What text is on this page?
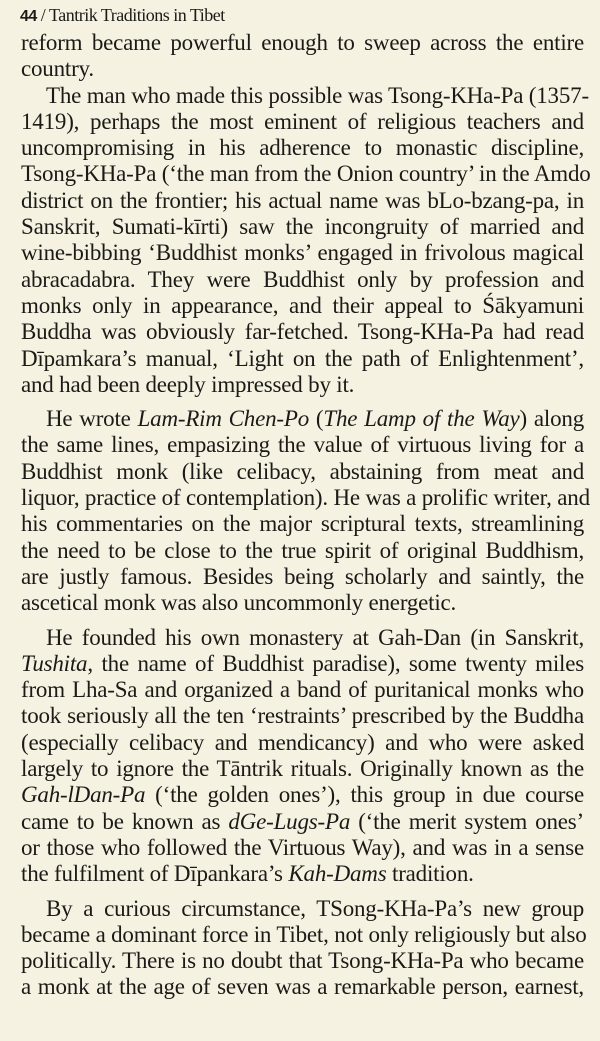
44 / Tantrik Traditions in Tibet
reform became powerful enough to sweep across the entire
country.
The man who made this possible was Tsong-KHa-Pa (1357-
1419), perhaps the most eminent of religious teachers and
uncompromising in his adherence to monastic discipline,
Tsong-KHa-Pa (‘the man from the Onion country’ in the Amdo
district on the frontier; his actual name was bLo-bzang-pa, in
Sanskrit, Sumati-kīrti) saw the incongruity of married and
wine-bibbing ‘Buddhist monks’ engaged in frivolous magical
abracadabra. They were Buddhist only by profession and
monks only in appearance, and their appeal to Śākyamuni
Buddha was obviously far-fetched. Tsong-KHa-Pa had read
Dīpamkara’s manual, ‘Light on the path of Enlightenment’,
and had been deeply impressed by it.
He wrote Lam-Rim Chen-Po (The Lamp of the Way) along
the same lines, empasizing the value of virtuous living for a
Buddhist monk (like celibacy, abstaining from meat and
liquor, practice of contemplation). He was a prolific writer, and
his commentaries on the major scriptural texts, streamlining
the need to be close to the true spirit of original Buddhism,
are justly famous. Besides being scholarly and saintly, the
ascetical monk was also uncommonly energetic.
He founded his own monastery at Gah-Dan (in Sanskrit,
Tushita, the name of Buddhist paradise), some twenty miles
from Lha-Sa and organized a band of puritanical monks who
took seriously all the ten ‘restraints’ prescribed by the Buddha
(especially celibacy and mendicancy) and who were asked
largely to ignore the Tāntrik rituals. Originally known as the
Gah-lDan-Pa (‘the golden ones’), this group in due course
came to be known as dGe-Lugs-Pa (‘the merit system ones’
or those who followed the Virtuous Way), and was in a sense
the fulfilment of Dīpankara’s Kah-Dams tradition.
By a curious circumstance, TSong-KHa-Pa’s new group
became a dominant force in Tibet, not only religiously but also
politically. There is no doubt that Tsong-KHa-Pa who became
a monk at the age of seven was a remarkable person, earnest,
